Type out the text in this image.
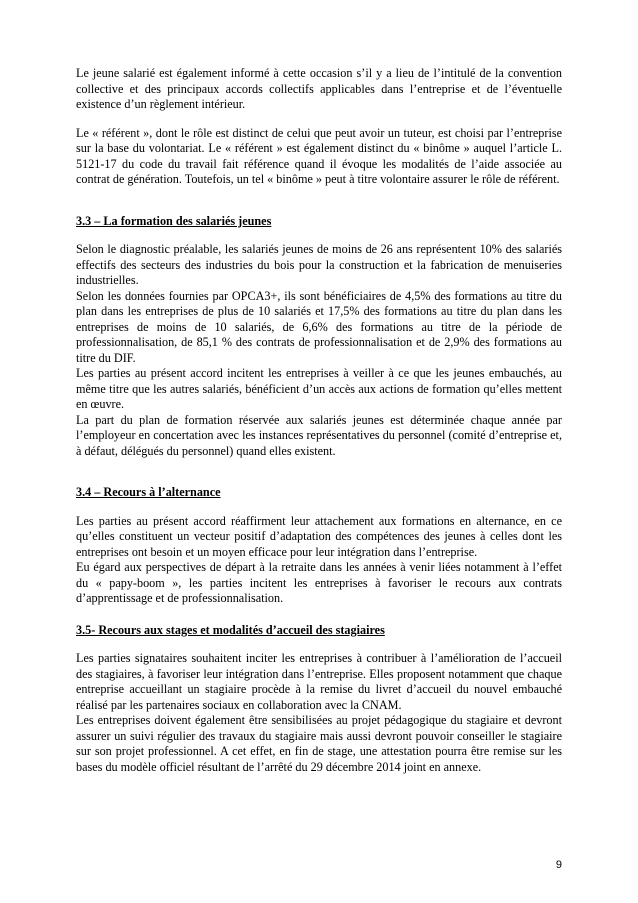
Le jeune salarié est également informé à cette occasion s’il y a lieu de l’intitulé de la convention collective et des principaux accords collectifs applicables dans l’entreprise et de l’éventuelle existence d’un règlement intérieur.

Le « référent », dont le rôle est distinct de celui que peut avoir un tuteur, est choisi par l’entreprise sur la base du volontariat. Le « référent » est également distinct du « binôme » auquel l’article L. 5121-17 du code du travail fait référence quand il évoque les modalités de l’aide associée au contrat de génération. Toutefois, un tel « binôme » peut à titre volontaire assurer le rôle de référent.

3.3 – La formation des salariés jeunes

Selon le diagnostic préalable, les salariés jeunes de moins de 26 ans représentent 10% des salariés effectifs des secteurs des industries du bois pour la construction et la fabrication de menuiseries industrielles.

Selon les données fournies par OPCA3+, ils sont bénéficiaires de 4,5% des formations au titre du plan dans les entreprises de plus de 10 salariés et 17,5% des formations au titre du plan dans les entreprises de moins de 10 salariés, de 6,6% des formations au titre de la période de professionnalisation, de 85,1 % des contrats de professionnalisation et de 2,9% des formations au titre du DIF.

Les parties au présent accord incitent les entreprises à veiller à ce que les jeunes embauchés, au même titre que les autres salariés, bénéficient d’un accès aux actions de formation qu’elles mettent en œuvre.

La part du plan de formation réservée aux salariés jeunes est déterminée chaque année par l’employeur en concertation avec les instances représentatives du personnel (comité d’entreprise et, à défaut, délégués du personnel) quand elles existent.

3.4 – Recours à l’alternance

Les parties au présent accord réaffirment leur attachement aux formations en alternance, en ce qu’elles constituent un vecteur positif d’adaptation des compétences des jeunes à celles dont les entreprises ont besoin et un moyen efficace pour leur intégration dans l’entreprise.

Eu égard aux perspectives de départ à la retraite dans les années à venir liées notamment à l’effet du « papy-boom », les parties incitent les entreprises à favoriser le recours aux contrats d’apprentissage et de professionnalisation.

3.5- Recours aux stages et modalités d’accueil des stagiaires

Les parties signataires souhaitent inciter les entreprises à contribuer à l’amélioration de l’accueil des stagiaires, à favoriser leur intégration dans l’entreprise. Elles proposent notamment que chaque entreprise accueillant un stagiaire procède à la remise du livret d’accueil du nouvel embauché réalisé par les partenaires sociaux en collaboration avec la CNAM.

Les entreprises doivent également être sensibilisées au projet pédagogique du stagiaire et devront assurer un suivi régulier des travaux du stagiaire mais aussi devront pouvoir conseiller le stagiaire sur son projet professionnel. A cet effet, en fin de stage, une attestation pourra être remise sur les bases du modèle officiel résultant de l’arrêté du 29 décembre 2014 joint en annexe.

9
